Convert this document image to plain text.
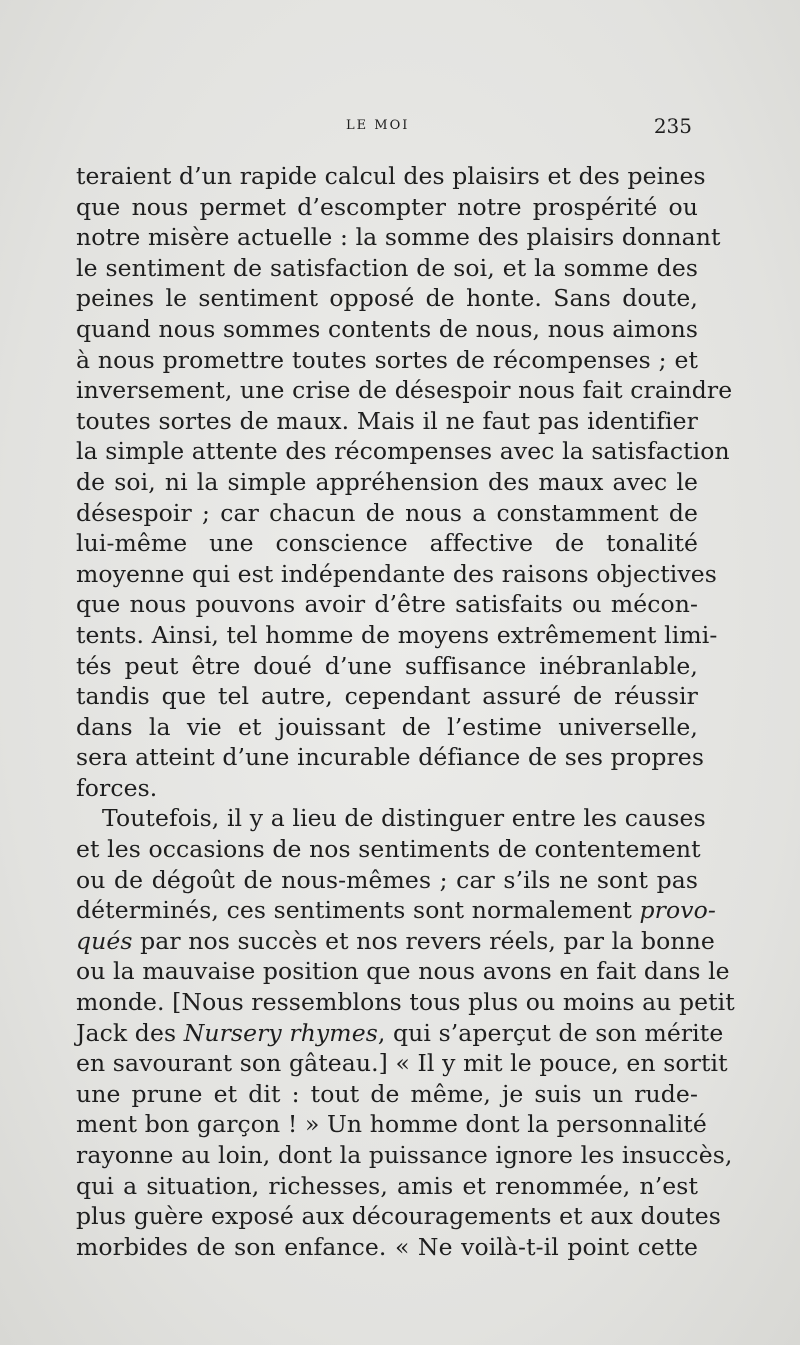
LE MOI	235
teraient d’un rapide calcul des plaisirs et des peines
que nous permet d’escompter notre prospérité ou
notre misère actuelle : la somme des plaisirs donnant
le sentiment de satisfaction de soi, et la somme des
peines le sentiment opposé de honte. Sans doute,
quand nous sommes contents de nous, nous aimons
à nous promettre toutes sortes de récompenses ; et
inversement, une crise de désespoir nous fait craindre
toutes sortes de maux. Mais il ne faut pas identifier
la simple attente des récompenses avec la satisfaction
de soi, ni la simple appréhension des maux avec le
désespoir ; car chacun de nous a constamment de
lui-même une conscience affective de tonalité
moyenne qui est indépendante des raisons objectives
que nous pouvons avoir d’être satisfaits ou mécon-
tents. Ainsi, tel homme de moyens extrêmement limi-
tés peut être doué d’une suffisance inébranlable,
tandis que tel autre, cependant assuré de réussir
dans la vie et jouissant de l’estime universelle,
sera atteint d’une incurable défiance de ses propres
forces.
Toutefois, il y a lieu de distinguer entre les causes
et les occasions de nos sentiments de contentement
ou de dégoût de nous-mêmes ; car s’ils ne sont pas
déterminés, ces sentiments sont normalement provo-
qués par nos succès et nos revers réels, par la bonne
ou la mauvaise position que nous avons en fait dans le
monde. [Nous ressemblons tous plus ou moins au petit
Jack des Nursery rhymes, qui s’aperçut de son mérite
en savourant son gâteau.] « Il y mit le pouce, en sortit
une prune et dit : tout de même, je suis un rude-
ment bon garçon ! » Un homme dont la personnalité
rayonne au loin, dont la puissance ignore les insuccès,
qui a situation, richesses, amis et renommée, n’est
plus guère exposé aux découragements et aux doutes
morbides de son enfance. « Ne voilà-t-il point cette
